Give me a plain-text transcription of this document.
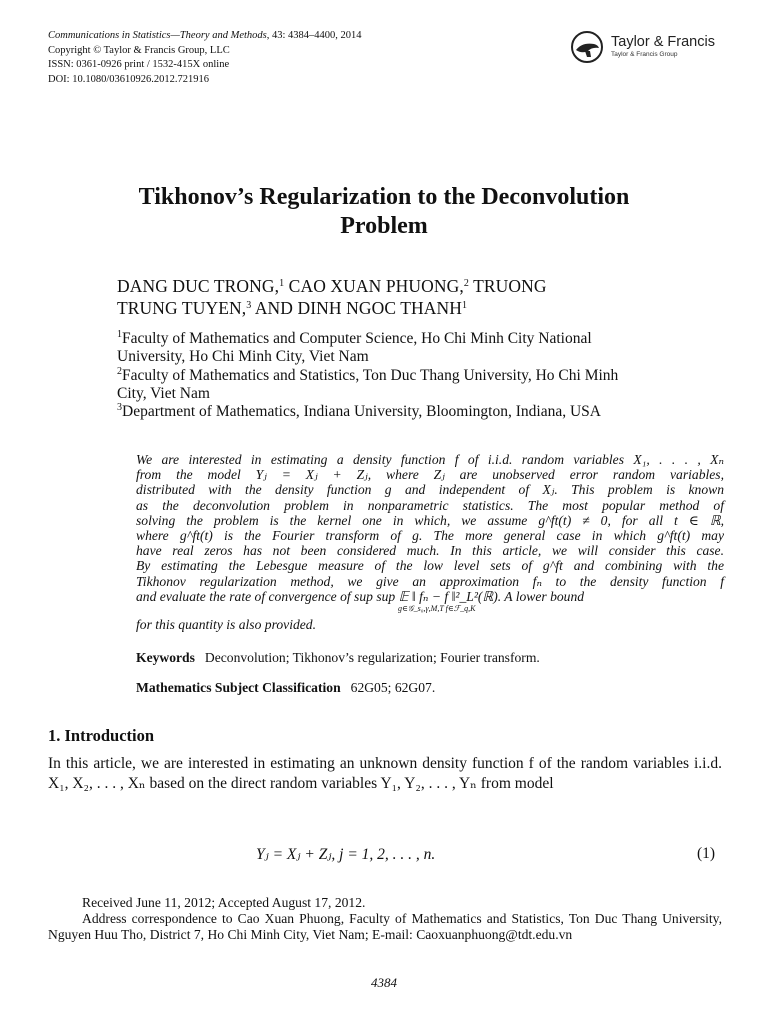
Communications in Statistics—Theory and Methods, 43: 4384–4400, 2014
Copyright © Taylor & Francis Group, LLC
ISSN: 0361-0926 print / 1532-415X online
DOI: 10.1080/03610926.2012.721916
Taylor & Francis
Taylor & Francis Group
Tikhonov’s Regularization to the Deconvolution
Problem
DANG DUC TRONG,$^1$ CAO XUAN PHUONG,$^2$ TRUONG
TRUNG TUYEN,$^3$ AND DINH NGOC THANH$^1$
$^1$Faculty of Mathematics and Computer Science, Ho Chi Minh City National
University, Ho Chi Minh City, Viet Nam
$^2$Faculty of Mathematics and Statistics, Ton Duc Thang University, Ho Chi Minh
City, Viet Nam
$^3$Department of Mathematics, Indiana University, Bloomington, Indiana, USA
We are interested in estimating a density function f of i.i.d. random variables X₁, . . . , Xₙ
from the model Yⱼ = Xⱼ + Zⱼ, where Zⱼ are unobserved error random variables,
distributed with the density function g and independent of Xⱼ. This problem is known
as the deconvolution problem in nonparametric statistics. The most popular method of
solving the problem is the kernel one in which, we assume g^ft(t) ≠ 0, for all t ∈ ℝ,
where g^ft(t) is the Fourier transform of g. The more general case in which g^ft(t) may
have real zeros has not been considered much. In this article, we will consider this case.
By estimating the Lebesgue measure of the low level sets of g^ft and combining with the
Tikhonov regularization method, we give an approximation fₙ to the density function f
and evaluate the rate of convergence of sup sup 𝔼 ‖ fₙ − f ‖²_L²(ℝ). A lower bound
g∈𝒢_s₀,γ,M,T f∈ℱ_q,K
for this quantity is also provided.
Keywords Deconvolution; Tikhonov’s regularization; Fourier transform.
Mathematics Subject Classification 62G05; 62G07.
1. Introduction
In this article, we are interested in estimating an unknown density function f of the random variables i.i.d. X₁, X₂, . . . , Xₙ based on the direct random variables Y₁, Y₂, . . . , Yₙ from model
Yⱼ = Xⱼ + Zⱼ, j = 1, 2, . . . , n.	(1)
Received June 11, 2012; Accepted August 17, 2012.
Address correspondence to Cao Xuan Phuong, Faculty of Mathematics and Statistics, Ton Duc Thang University, Nguyen Huu Tho, District 7, Ho Chi Minh City, Viet Nam; E-mail: Caoxuanphuong@tdt.edu.vn
4384
